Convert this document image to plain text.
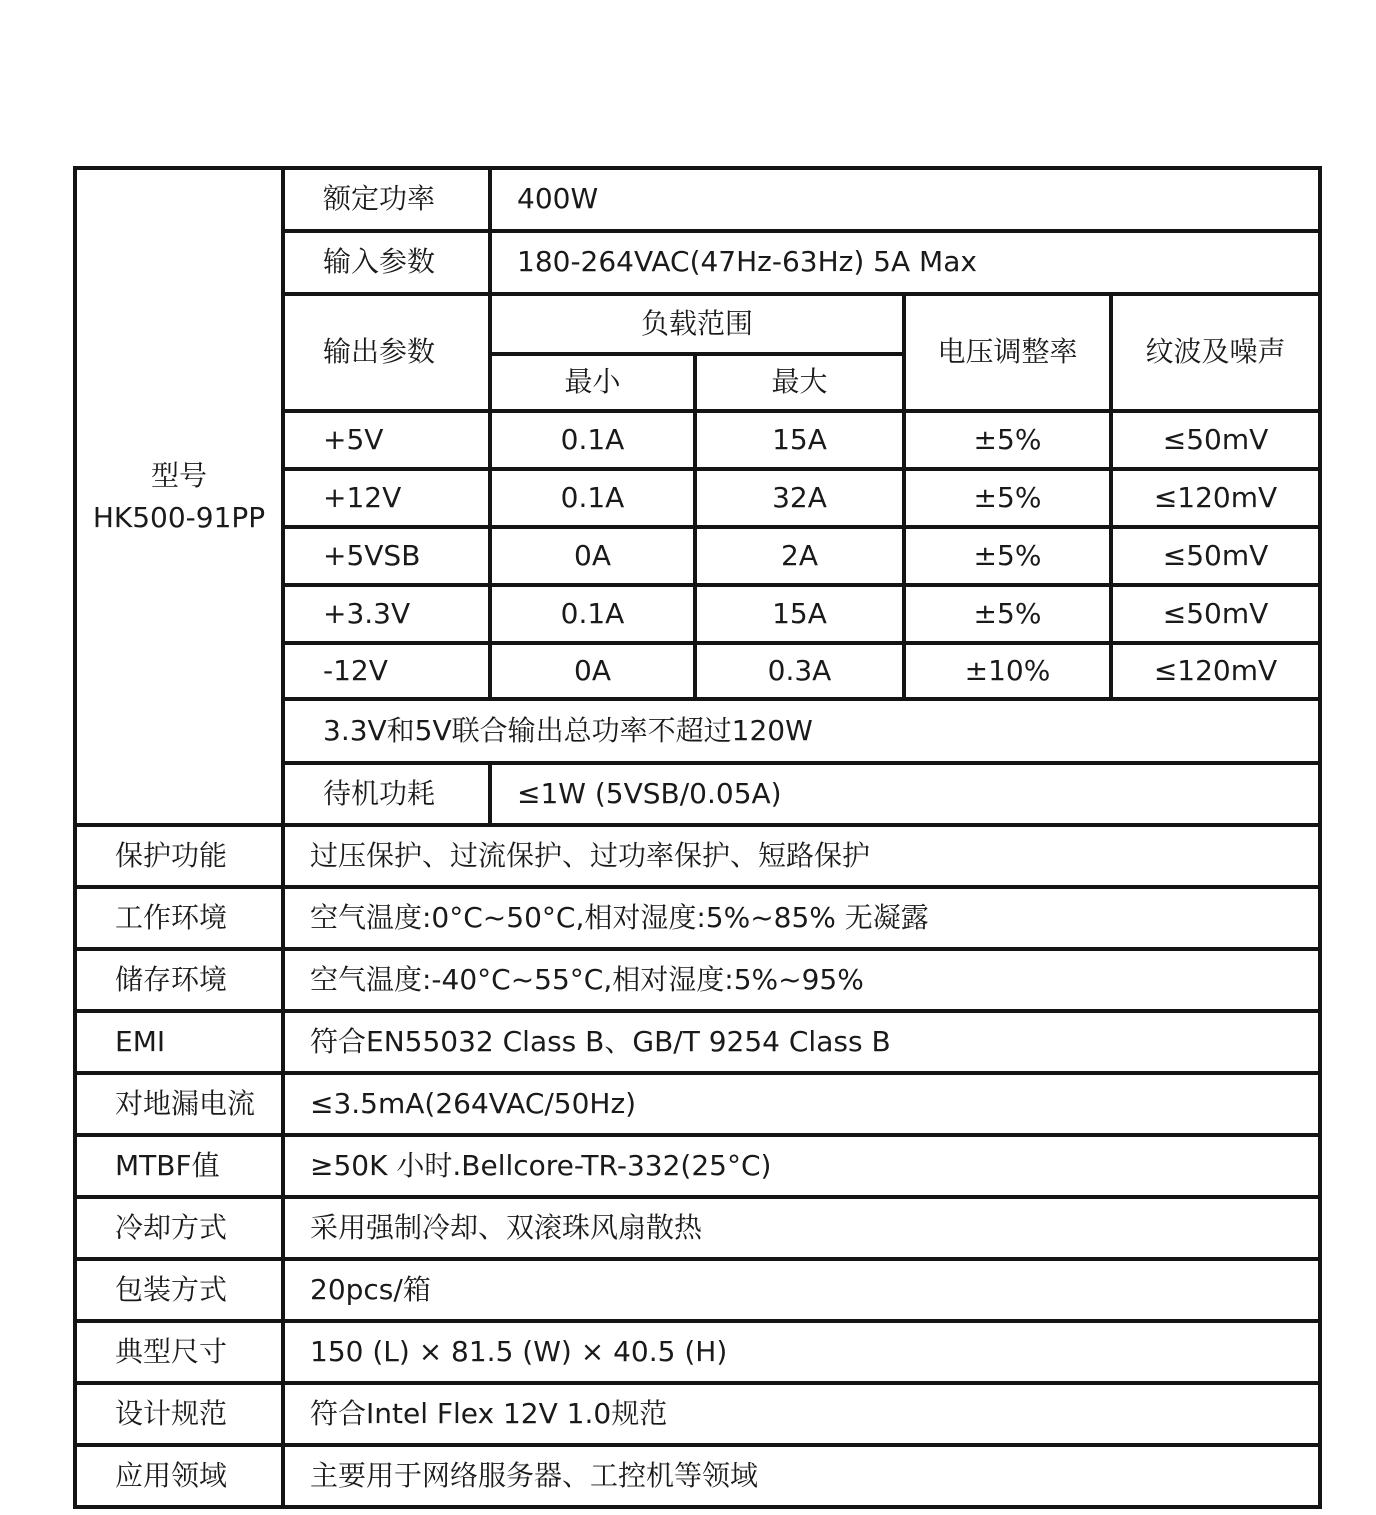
型号
HK500-91PP	额定功率	400W			
	输入参数	180-264VAC(47Hz-63Hz) 5A Max			
	输出参数	负载范围		电压调整率	纹波及噪声
		最小	最大		
	+5V	0.1A	15A	±5%	≤50mV
	+12V	0.1A	32A	±5%	≤120mV
	+5VSB	0A	2A	±5%	≤50mV
	+3.3V	0.1A	15A	±5%	≤50mV
	-12V	0A	0.3A	±10%	≤120mV
	3.3V和5V联合输出总功率不超过120W				
	待机功耗	≤1W (5VSB/0.05A)			
保护功能	过压保护、过流保护、过功率保护、短路保护				
工作环境	空气温度:0°C~50°C,相对湿度:5%~85% 无凝露				
储存环境	空气温度:-40°C~55°C,相对湿度:5%~95%				
EMI	符合EN55032 Class B、GB/T 9254 Class B				
对地漏电流	≤3.5mA(264VAC/50Hz)				
MTBF值	≥50K 小时.Bellcore-TR-332(25°C)				
冷却方式	采用强制冷却、双滚珠风扇散热				
包装方式	20pcs/箱				
典型尺寸	150 (L) × 81.5 (W) × 40.5 (H)				
设计规范	符合Intel Flex 12V 1.0规范				
应用领域	主要用于网络服务器、工控机等领域				
